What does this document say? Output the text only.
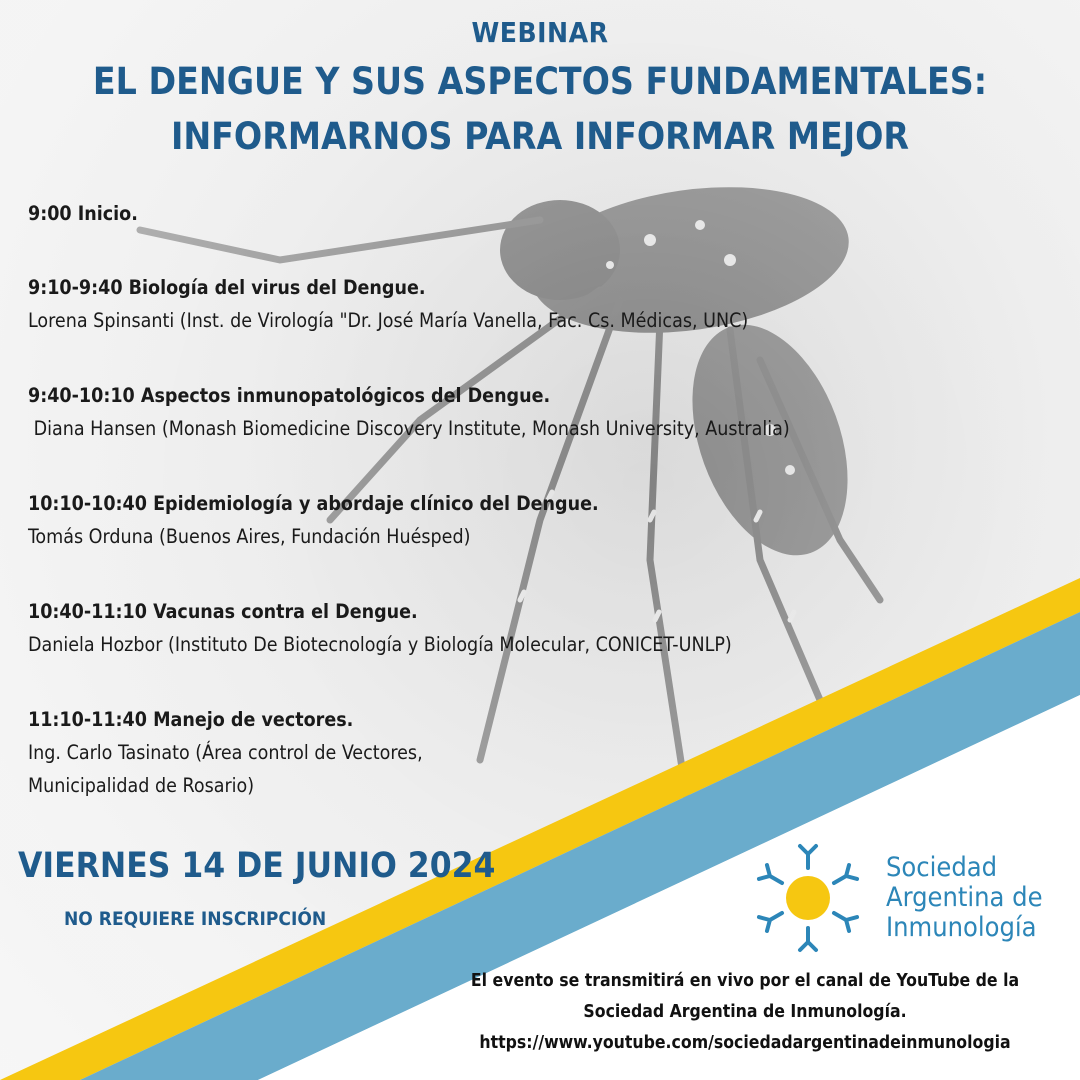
WEBINAR
EL DENGUE Y SUS ASPECTOS FUNDAMENTALES:
INFORMARNOS PARA INFORMAR MEJOR
9:00 Inicio.
9:10-9:40 Biología del virus del Dengue.
Lorena Spinsanti (Inst. de Virología "Dr. José María Vanella, Fac. Cs. Médicas, UNC)
9:40-10:10 Aspectos inmunopatológicos del Dengue.
Diana Hansen (Monash Biomedicine Discovery Institute, Monash University, Australia)
10:10-10:40 Epidemiología y abordaje clínico del Dengue.
Tomás Orduna (Buenos Aires, Fundación Huésped)
10:40-11:10 Vacunas contra el Dengue.
Daniela Hozbor (Instituto De Biotecnología y Biología Molecular, CONICET-UNLP)
11:10-11:40 Manejo de vectores.
Ing. Carlo Tasinato (Área control de Vectores,
Municipalidad de Rosario)
VIERNES 14 DE JUNIO 2024
NO REQUIERE INSCRIPCIÓN
Sociedad
Argentina de
Inmunología
El evento se transmitirá en vivo por el canal de YouTube de la
Sociedad Argentina de Inmunología.
https://www.youtube.com/sociedadargentinadeinmunologia
